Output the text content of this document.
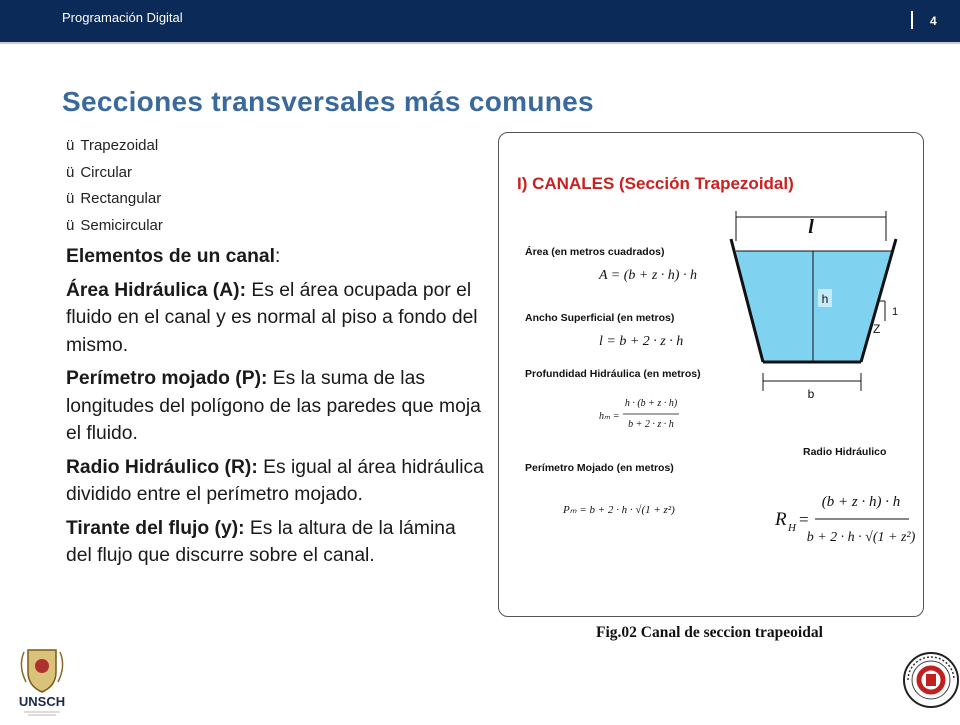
Programación Digital	4
Secciones transversales más comunes
ü Trapezoidal
ü Circular
ü Rectangular
ü Semicircular

Elementos de un canal:

Área Hidráulica (A): Es el área ocupada por el fluido en el canal y es normal al piso a fondo del mismo.

Perímetro mojado (P): Es la suma de las longitudes del polígono de las paredes que moja el fluido.

Radio Hidráulico (R): Es igual al área hidráulica dividido entre el perímetro mojado.

Tirante del flujo (y): Es la altura de la lámina del flujo que discurre sobre el canal.

I) CANALES (Sección Trapezoidal)
Área (en metros cuadrados)
A = (b + z · h) · h
Ancho Superficial (en metros)
l = b + 2 · z · h
Profundidad Hidráulica (en metros)
hₘ =
h · (b + z · h)
b + 2 · z · h
Perímetro Mojado (en metros)
Pₘ = b + 2 · h · √(1 + z²)
Radio Hidráulico
R H =
(b + z · h) · h
b + 2 · h · √(1 + z²)
l
h
1
Z
b
Fig.02 Canal de seccion trapeoidal
UNSCH
